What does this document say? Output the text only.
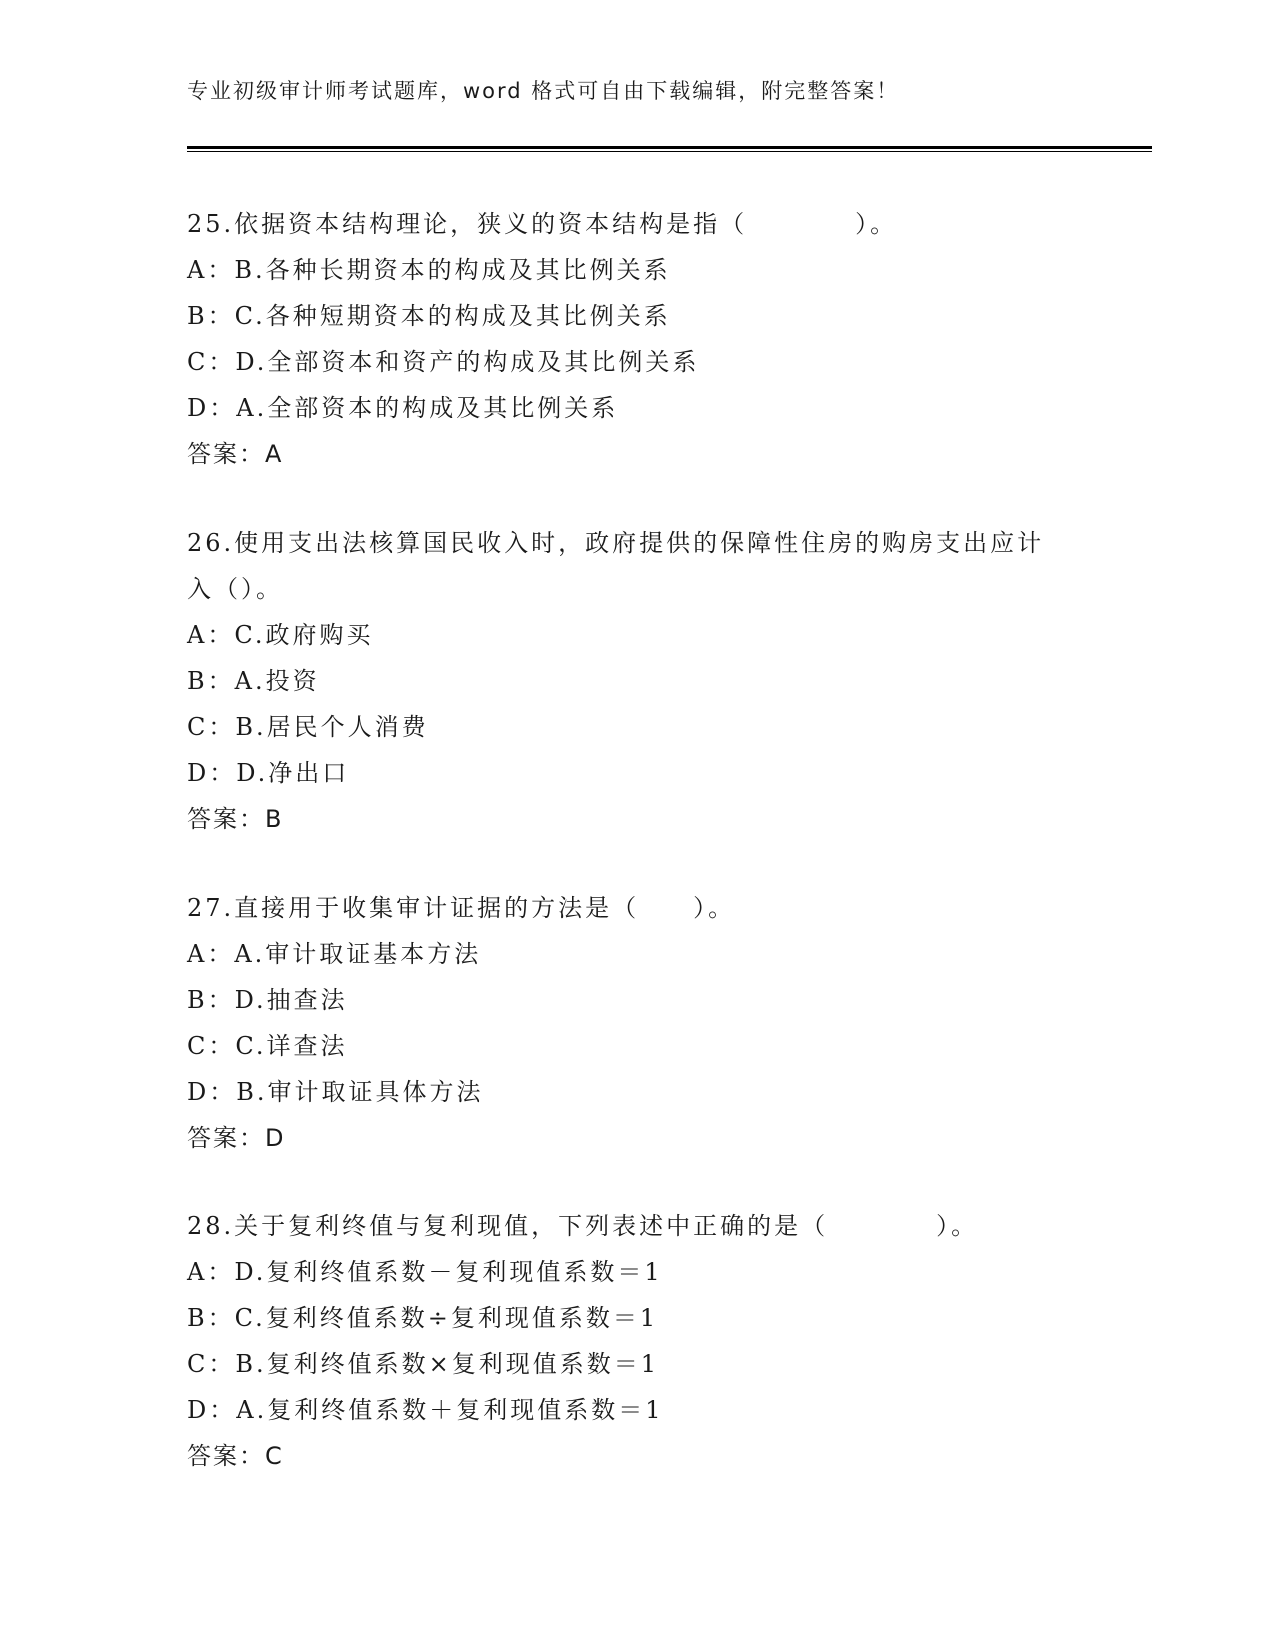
专业初级审计师考试题库，word 格式可自由下载编辑，附完整答案！

25.依据资本结构理论，狭义的资本结构是指（　　　　）。

A：B.各种长期资本的构成及其比例关系

B：C.各种短期资本的构成及其比例关系

C：D.全部资本和资产的构成及其比例关系

D：A.全部资本的构成及其比例关系

答案：A

26.使用支出法核算国民收入时，政府提供的保障性住房的购房支出应计入（）。

A：C.政府购买

B：A.投资

C：B.居民个人消费

D：D.净出口

答案：B

27.直接用于收集审计证据的方法是（　　）。

A：A.审计取证基本方法

B：D.抽查法

C：C.详查法

D：B.审计取证具体方法

答案：D

28.关于复利终值与复利现值，下列表述中正确的是（　　　　）。

A：D.复利终值系数－复利现值系数＝1

B：C.复利终值系数÷复利现值系数＝1

C：B.复利终值系数×复利现值系数＝1

D：A.复利终值系数＋复利现值系数＝1

答案：C
